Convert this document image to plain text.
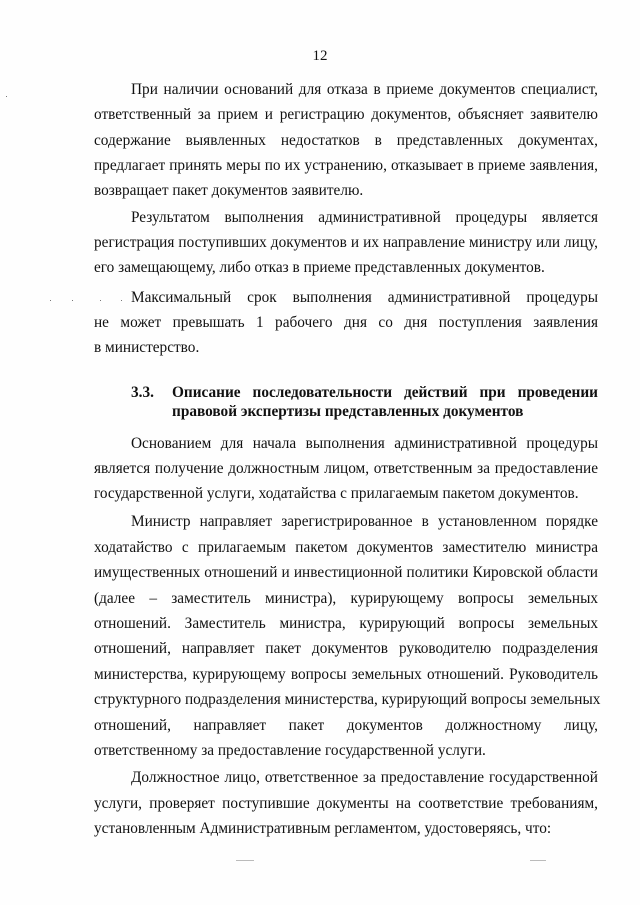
12
При наличии оснований для отказа в приеме документов специалист,
ответственный за прием и регистрацию документов, объясняет заявителю
содержание выявленных недостатков в представленных документах,
предлагает принять меры по их устранению, отказывает в приеме заявления,
возвращает пакет документов заявителю.
Результатом выполнения административной процедуры является
регистрация поступивших документов и их направление министру или лицу,
его замещающему, либо отказ в приеме представленных документов.
Максимальный срок выполнения административной процедуры
не может превышать 1 рабочего дня со дня поступления заявления
в министерство.
3.3. Описание последовательности действий при проведении
правовой экспертизы представленных документов
Основанием для начала выполнения административной процедуры
является получение должностным лицом, ответственным за предоставление
государственной услуги, ходатайства с прилагаемым пакетом документов.
Министр направляет зарегистрированное в установленном порядке
ходатайство с прилагаемым пакетом документов заместителю министра
имущественных отношений и инвестиционной политики Кировской области
(далее – заместитель министра), курирующему вопросы земельных
отношений. Заместитель министра, курирующий вопросы земельных
отношений, направляет пакет документов руководителю подразделения
министерства, курирующему вопросы земельных отношений. Руководитель
структурного подразделения министерства, курирующий вопросы земельных
отношений, направляет пакет документов должностному лицу,
ответственному за предоставление государственной услуги.
Должностное лицо, ответственное за предоставление государственной
услуги, проверяет поступившие документы на соответствие требованиям,
установленным Административным регламентом, удостоверяясь, что:
